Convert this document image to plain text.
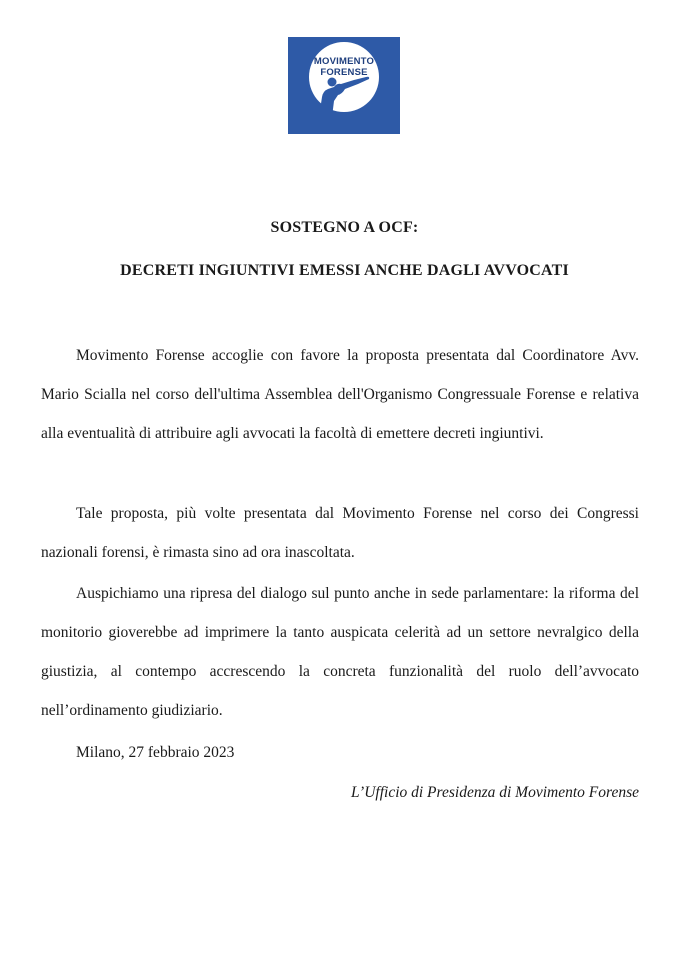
MOVIMENTO
FORENSE
SOSTEGNO A OCF:
DECRETI INGIUNTIVI EMESSI ANCHE DAGLI AVVOCATI

Movimento Forense accoglie con favore la proposta presentata dal Coordinatore Avv. Mario Scialla nel corso dell'ultima Assemblea dell'Organismo Congressuale Forense e relativa alla eventualità di attribuire agli avvocati la facoltà di emettere decreti ingiuntivi.

Tale proposta, più volte presentata dal Movimento Forense nel corso dei Congressi nazionali forensi, è rimasta sino ad ora inascoltata.

Auspichiamo una ripresa del dialogo sul punto anche in sede parlamentare: la riforma del monitorio gioverebbe ad imprimere la tanto auspicata celerità ad un settore nevralgico della giustizia, al contempo accrescendo la concreta funzionalità del ruolo dell’avvocato nell’ordinamento giudiziario.

Milano, 27 febbraio 2023
L’Ufficio di Presidenza di Movimento Forense
